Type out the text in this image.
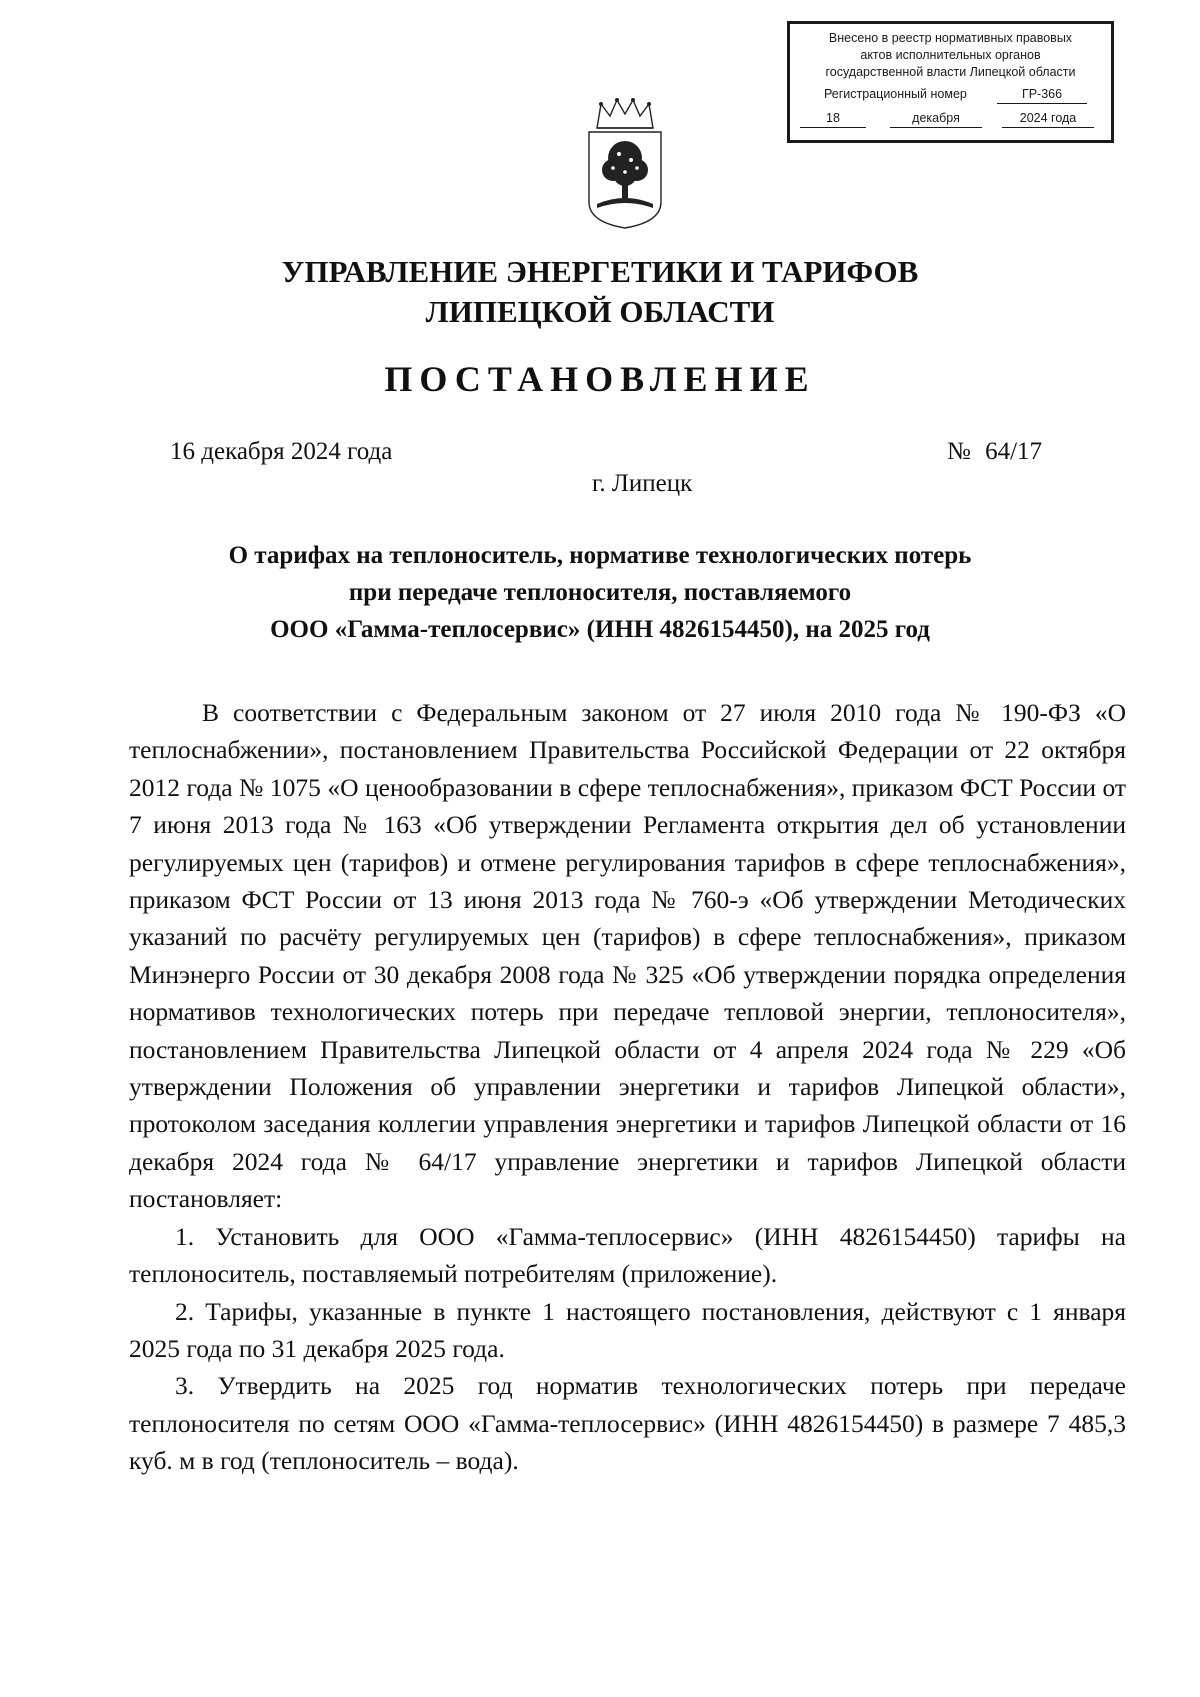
Внесено в реестр нормативных правовых
актов исполнительных органов
государственной власти Липецкой области
Регистрационный номер	ГР-366
18	декабря	2024 года
УПРАВЛЕНИЕ ЭНЕРГЕТИКИ И ТАРИФОВ
ЛИПЕЦКОЙ ОБЛАСТИ
ПОСТАНОВЛЕНИЕ
16 декабря 2024 года	№ 64/17
г. Липецк
О тарифах на теплоноситель, нормативе технологических потерь
при передаче теплоносителя, поставляемого
ООО «Гамма-теплосервис» (ИНН 4826154450), на 2025 год

В соответствии с Федеральным законом от 27 июля 2010 года № 190-ФЗ «О теплоснабжении», постановлением Правительства Российской Федерации от 22 октября 2012 года № 1075 «О ценообразовании в сфере теплоснабжения», приказом ФСТ России от 7 июня 2013 года № 163 «Об утверждении Регламента открытия дел об установлении регулируемых цен (тарифов) и отмене регулирования тарифов в сфере теплоснабжения», приказом ФСТ России от 13 июня 2013 года № 760-э «Об утверждении Методических указаний по расчёту регулируемых цен (тарифов) в сфере теплоснабжения», приказом Минэнерго России от 30 декабря 2008 года № 325 «Об утверждении порядка определения нормативов технологических потерь при передаче тепловой энергии, теплоносителя», постановлением Правительства Липецкой области от 4 апреля 2024 года № 229 «Об утверждении Положения об управлении энергетики и тарифов Липецкой области», протоколом заседания коллегии управления энергетики и тарифов Липецкой области от 16 декабря 2024 года № 64/17 управление энергетики и тарифов Липецкой области постановляет:

1. Установить для ООО «Гамма-теплосервис» (ИНН 4826154450) тарифы на теплоноситель, поставляемый потребителям (приложение).

2. Тарифы, указанные в пункте 1 настоящего постановления, действуют с 1 января 2025 года по 31 декабря 2025 года.

3. Утвердить на 2025 год норматив технологических потерь при передаче теплоносителя по сетям ООО «Гамма-теплосервис» (ИНН 4826154450) в размере 7 485,3 куб. м в год (теплоноситель – вода).
